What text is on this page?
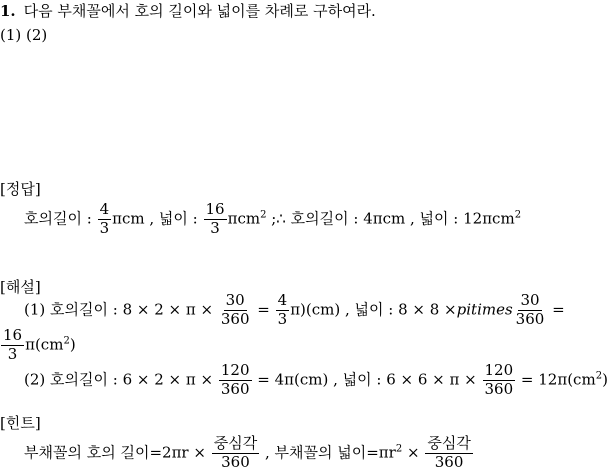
1. 다음 부채꼴에서 호의 길이와 넓이를 차례로 구하여라.
(1) (2)
[정답]
호의길이 : $\frac{4}{3}$ πcm , 넓이 : $\frac{16}{3} \pi cm^2$ ;∴ 호의길이 : 4πcm , 넓이 : 12πcm$^2$
[해설]
(1) 호의길이 : $8 \times 2 \times \pi \times \frac{30}{360} = \frac{4}{3} \pi)(cm)$ , 넓이 : 8 × 8 ×pitimes $\frac{30}{360}$ =
$\frac{16}{3} \pi(cm^2)$
(2) 호의길이 : $6 \times 2 \times \pi \times \frac{120}{360} = 4\pi(cm)$ , 넓이 : $6 \times 6 \times \pi \times \frac{120}{360} = 12\pi(cm^2)$
[힌트]
부채꼴의 호의 길이$=2\pi r \times \frac{\text{중심각}}{360}$ , 부채꼴의 넓이$=\pi r^2 \times \frac{\text{중심각}}{360}$
